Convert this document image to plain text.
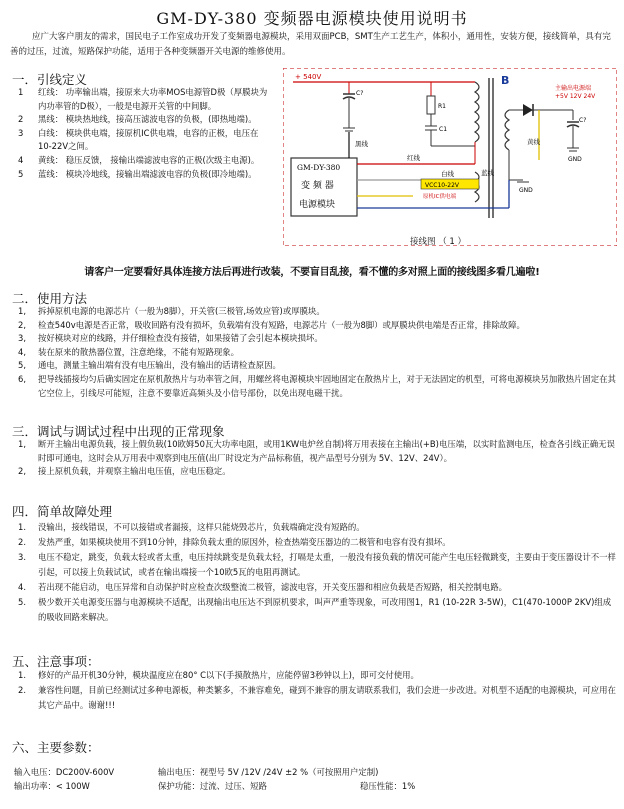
GM-DY-380 变频器电源模块使用说明书
应广大客户朋友的需求，国民电子工作室成功开发了变频器电源模块，采用双面PCB，SMT生产工艺生产，体积小，通用性，安装方便，接线简单，具有完善的过压，过流，短路保护功能，适用于各种变频器开关电源的维修使用。
一．引线定义
1 红线： 功率输出端，接原来大功率MOS电源管D极（厚膜块为内功率管的D极），一般是电源开关管的中间脚。
2 黑线： 模块热地线，接高压滤波电容的负极，(即热地端)。
3 白线： 模块供电端，接原机IC供电端，电容的正极，电压在10-22V之间。
4 黄线： 稳压反馈， 接输出端滤波电容的正极(次级主电源)。
5 蓝线： 模块冷地线，接输出端滤波电容的负极(即冷地端)。
+ 540V
C?
R1
C1
B
C?
GND
主输出电源端
+5V 12V 24V
GND
GM-DY-380
变 频 器
电源模块
黑线
红线
白线
VCC10-22V
原机IC供电端
蓝线
黄线
接线图 （ 1 ）
请客户一定要看好具体连接方法后再进行改装，不要盲目乱接，看不懂的多对照上面的接线图多看几遍啦!
二．使用方法
1, 拆掉原机电源的电源芯片（一般为8脚），开关管(三极管,场效应管)或厚膜块。
2, 检查540v电源是否正常，吸收回路有没有损坏，负载端有没有短路，电源芯片（一般为8脚）或厚膜块供电端是否正常，排除故障。
3, 按好模块对应的线路，并仔细检查没有接错，如果接错了会引起本模块损坏。
4, 装在原来的散热器位置，注意绝缘，不能有短路现象。
5, 通电，测量主输出端有没有电压输出，没有输出的话请检查原因。
6, 把导线插接均匀后确实固定在原机散热片与功率管之间，用螺丝将电源模块牢固地固定在散热片上，对于无法固定的机型，可将电源模块另加散热片固定在其它空位上，引线尽可能短，注意不要靠近高频头及小信号部份，以免出现电磁干扰。
三．调试与调试过程中出现的正常现象
1, 断开主输出电源负载，接上假负载(10欧姆50瓦大功率电阻，或用1KW电炉丝自制)将万用表接在主输出(+B)电压端，以实时监测电压，检查各引线正确无误时即可通电，这时会从万用表中观察到电压值(出厂时设定为产品标称值，视产品型号分别为 5V、12V、24V）。
2, 接上原机负载，并观察主输出电压值，应电压稳定。
四．简单故障处理
1. 没输出，接线错误，不可以接错或者漏接，这样只能烧毁芯片，负载端确定没有短路的。
2. 发热严重，如果模块使用不到10分钟，排除负载太重的原因外，检查热端变压器边的二极管和电容有没有损坏。
3. 电压不稳定，跳变，负载太轻或者太重，电压持续跳变是负载太轻，打嗝是太重，一般没有接负载的情况可能产生电压轻微跳变，主要由于变压器设计不一样引起，可以接上负载试试，或者在输出端接一个10欧5瓦的电阻再测试。
4. 若出现不能启动，电压异常和自动保护时应检查次级整流二极管，滤波电容，开关变压器和相应负载是否短路，相关控制电路。
5. 极少数开关电源变压器与电源模块不适配，出现输出电压达不到原机要求，叫声严重等现象，可改用图1，R1 (10-22R 3-5W)，C1(470-1000P 2KV)组成的吸收回路来解决。
五、注意事项：
1. 修好的产品开机30分钟，模块温度应在80° C以下(手摸散热片，应能停留3秒钟以上)，即可交付使用。
2. 兼容性问题，目前已经测试过多种电源板，种类繁多，不兼容难免，碰到不兼容的朋友请联系我们，我们会进一步改进。对机型不适配的电源模块，可应用在其它产品中。谢谢!!!
六、主要参数：
输入电压：DC200V-600V	输出电压：视型号 5V /12V /24V ±2 %（可按照用户定制)
输出功率：< 100W	保护功能：过流、过压、短路	稳压性能：1%
